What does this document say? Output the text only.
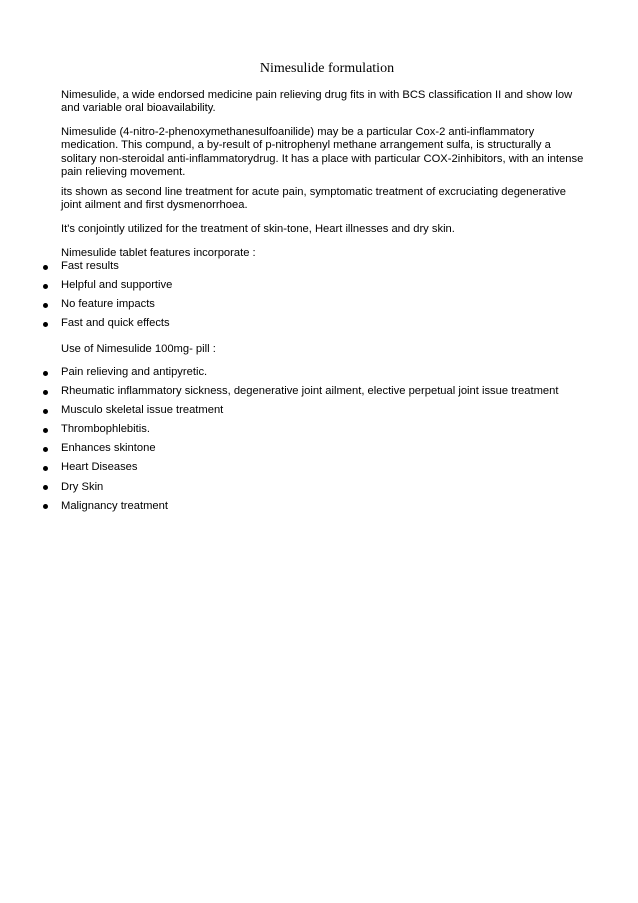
Nimesulide formulation

Nimesulide, a wide endorsed medicine pain relieving drug fits in with BCS classification II and show low and variable oral bioavailability.

Nimesulide (4-nitro-2-phenoxymethanesulfoanilide) may be a particular Cox-2 anti-inflammatory medication. This compund, a by-result of p-nitrophenyl methane arrangement sulfa, is structurally a solitary non-steroidal anti-inflammatorydrug. It has a place with particular COX-2inhibitors, with an intense pain relieving movement.

its shown as second line treatment for acute pain, symptomatic treatment of excruciating degenerative joint ailment and first dysmenorrhoea.

It's conjointly utilized for the treatment of skin-tone, Heart illnesses and dry skin.

Nimesulide tablet features incorporate :

Fast results
Helpful and supportive
No feature impacts
Fast and quick effects

Use of Nimesulide 100mg- pill :

Pain relieving and antipyretic.
Rheumatic inflammatory sickness, degenerative joint ailment, elective perpetual joint issue treatment
Musculo skeletal issue treatment
Thrombophlebitis.
Enhances skintone
Heart Diseases
Dry Skin
Malignancy treatment
